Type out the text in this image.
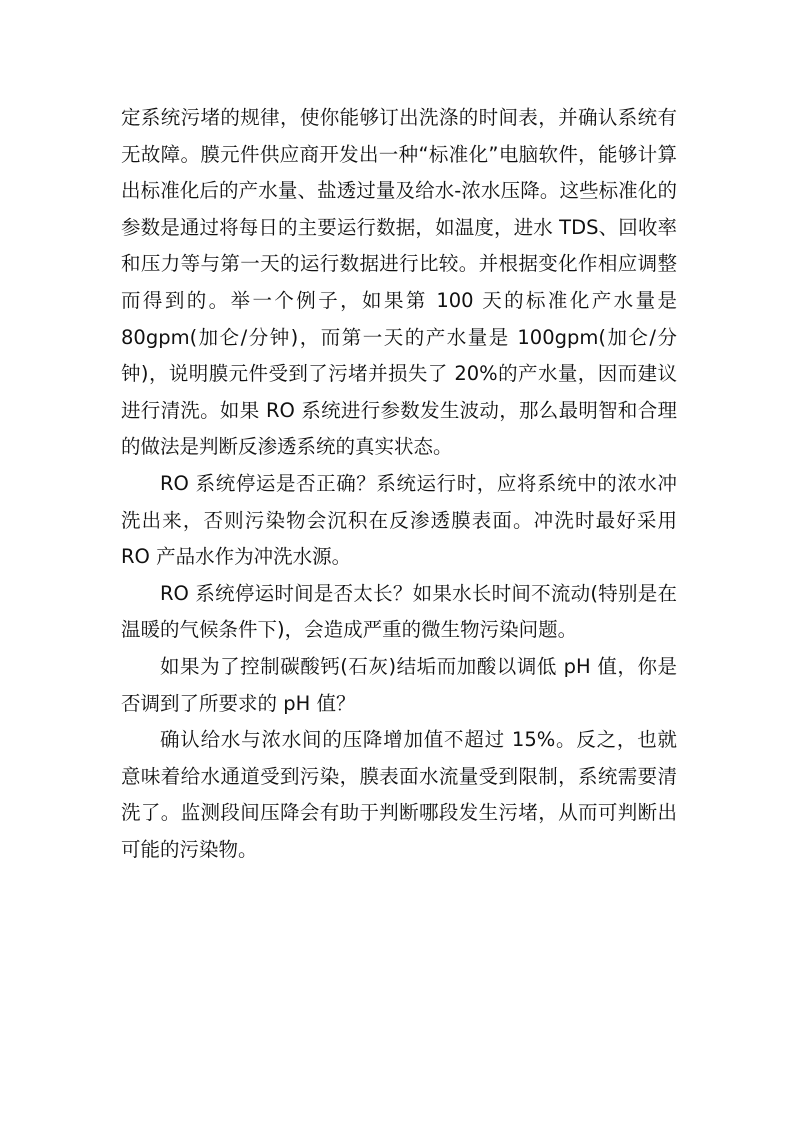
定系统污堵的规律，使你能够订出洗涤的时间表，并确认系统有无故障。膜元件供应商开发出一种“标准化”电脑软件，能够计算出标准化后的产水量、盐透过量及给水-浓水压降。这些标准化的参数是通过将每日的主要运行数据，如温度，进水 TDS、回收率和压力等与第一天的运行数据进行比较。并根据变化作相应调整而得到的。举一个例子，如果第 100 天的标准化产水量是 80gpm(加仑/分钟)，而第一天的产水量是 100gpm(加仑/分钟)，说明膜元件受到了污堵并损失了 20%的产水量，因而建议进行清洗。如果 RO 系统进行参数发生波动，那么最明智和合理的做法是判断反渗透系统的真实状态。

RO 系统停运是否正确？系统运行时，应将系统中的浓水冲洗出来，否则污染物会沉积在反渗透膜表面。冲洗时最好采用 RO 产品水作为冲洗水源。

RO 系统停运时间是否太长？如果水长时间不流动(特别是在温暖的气候条件下)，会造成严重的微生物污染问题。

如果为了控制碳酸钙(石灰)结垢而加酸以调低 pH 值，你是否调到了所要求的 pH 值？

确认给水与浓水间的压降增加值不超过 15%。反之，也就意味着给水通道受到污染，膜表面水流量受到限制，系统需要清洗了。监测段间压降会有助于判断哪段发生污堵，从而可判断出可能的污染物。
